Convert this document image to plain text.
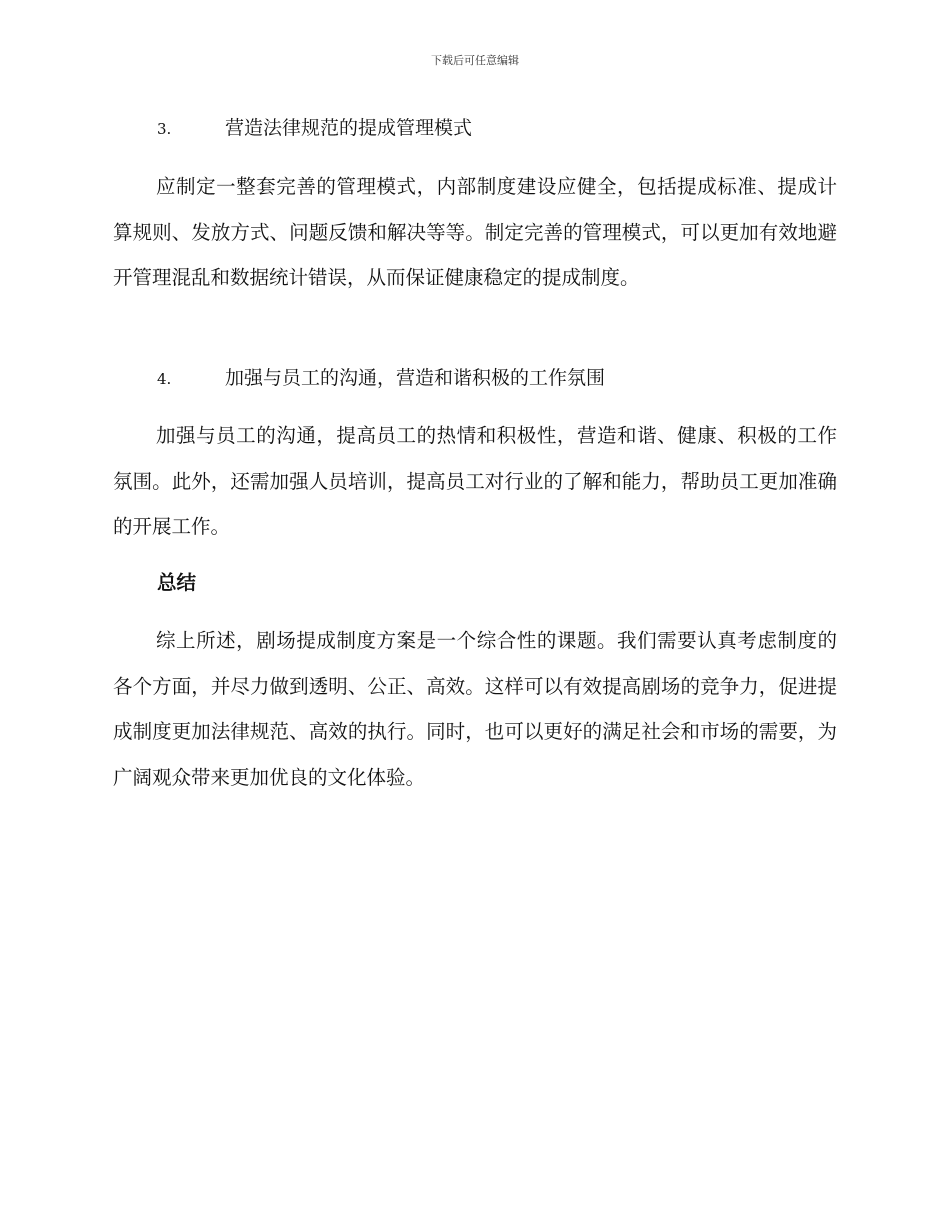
下载后可任意编辑
3.	营造法律规范的提成管理模式

应制定一整套完善的管理模式，内部制度建设应健全，包括提成标准、提成计算规则、发放方式、问题反馈和解决等等。制定完善的管理模式，可以更加有效地避开管理混乱和数据统计错误，从而保证健康稳定的提成制度。

4.	加强与员工的沟通，营造和谐积极的工作氛围

加强与员工的沟通，提高员工的热情和积极性，营造和谐、健康、积极的工作氛围。此外，还需加强人员培训，提高员工对行业的了解和能力，帮助员工更加准确的开展工作。

总结

综上所述，剧场提成制度方案是一个综合性的课题。我们需要认真考虑制度的各个方面，并尽力做到透明、公正、高效。这样可以有效提高剧场的竞争力，促进提成制度更加法律规范、高效的执行。同时，也可以更好的满足社会和市场的需要，为广阔观众带来更加优良的文化体验。
